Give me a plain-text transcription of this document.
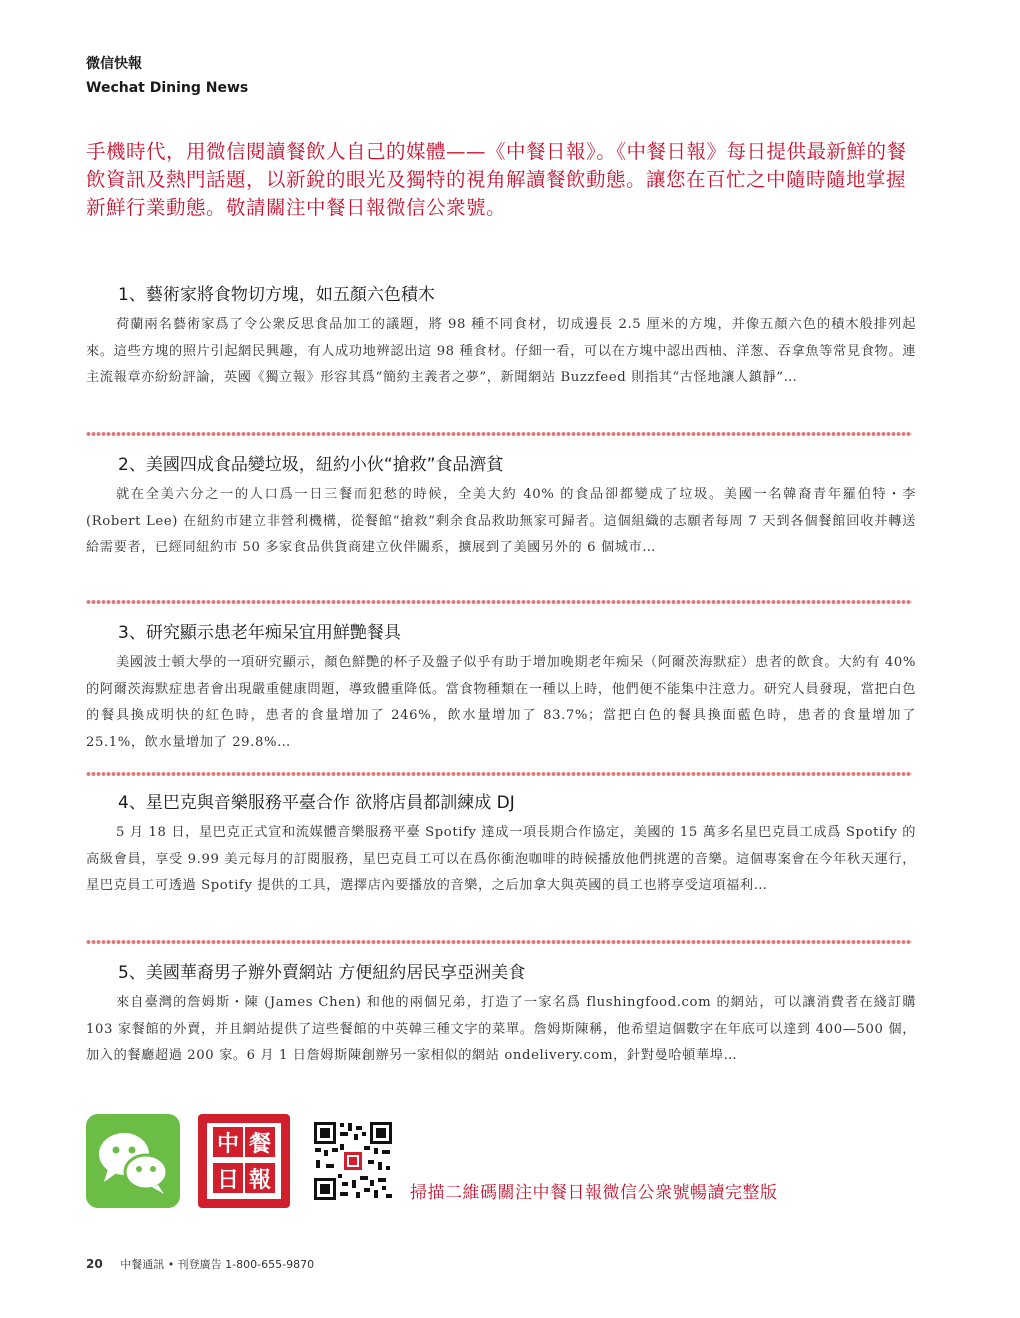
微信快報
Wechat Dining News
手機時代，用微信閱讀餐飲人自己的媒體——《中餐日報》。《中餐日報》每日提供最新鮮的餐飲資訊及熱門話題，以新銳的眼光及獨特的視角解讀餐飲動態。讓您在百忙之中隨時隨地掌握新鮮行業動態。敬請關注中餐日報微信公衆號。
1、藝術家將食物切方塊，如五顏六色積木
荷蘭兩名藝術家爲了令公衆反思食品加工的議題，將 98 種不同食材，切成邊長 2.5 厘米的方塊，并像五顏六色的積木般排列起來。這些方塊的照片引起網民興趣，有人成功地辨認出這 98 種食材。仔細一看，可以在方塊中認出西柚、洋葱、吞拿魚等常見食物。連主流報章亦紛紛評論，英國《獨立報》形容其爲“簡約主義者之夢”，新聞網站 Buzzfeed 則指其“古怪地讓人鎮靜”…
2、美國四成食品變垃圾，紐約小伙“搶救”食品濟貧
就在全美六分之一的人口爲一日三餐而犯愁的時候，全美大約 40% 的食品卻都變成了垃圾。美國一名韓裔青年羅伯特・李 (Robert Lee) 在紐約市建立非營利機構，從餐館“搶救”剩余食品救助無家可歸者。這個組織的志願者每周 7 天到各個餐館回收并轉送給需要者，已經同紐約市 50 多家食品供貨商建立伙伴關系，擴展到了美國另外的 6 個城市…
3、研究顯示患老年痴呆宜用鮮艷餐具
美國波士頓大學的一項研究顯示，顏色鮮艷的杯子及盤子似乎有助于增加晚期老年痴呆（阿爾茨海默症）患者的飲食。大約有 40% 的阿爾茨海默症患者會出現嚴重健康問題，導致體重降低。當食物種類在一種以上時，他們便不能集中注意力。研究人員發現，當把白色的餐具換成明快的紅色時，患者的食量增加了 246%，飲水量增加了 83.7%；當把白色的餐具換面藍色時，患者的食量增加了 25.1%，飲水量增加了 29.8%…
4、星巴克與音樂服務平臺合作 欲將店員都訓練成 DJ
5 月 18 日，星巴克正式宣和流媒體音樂服務平臺 Spotify 達成一項長期合作協定，美國的 15 萬多名星巴克員工成爲 Spotify 的高級會員，享受 9.99 美元每月的訂閱服務，星巴克員工可以在爲你衝泡咖啡的時候播放他們挑選的音樂。這個專案會在今年秋天運行，星巴克員工可透過 Spotify 提供的工具，選擇店內要播放的音樂，之后加拿大與英國的員工也將享受這項福利…
5、美國華裔男子辦外賣網站 方便紐約居民享亞洲美食
來自臺灣的詹姆斯・陳 (James Chen) 和他的兩個兄弟，打造了一家名爲 flushingfood.com 的網站，可以讓消費者在綫訂購 103 家餐館的外賣，并且網站提供了這些餐館的中英韓三種文字的菜單。詹姆斯陳稱，他希望這個數字在年底可以達到 400—500 個，加入的餐廳超過 200 家。6 月 1 日詹姆斯陳創辦另一家相似的網站 ondelivery.com，針對曼哈頓華埠…
中 餐
日 報
掃描二維碼關注中餐日報微信公衆號暢讀完整版
20 中餐通訊 • 刊登廣告 1-800-655-9870
